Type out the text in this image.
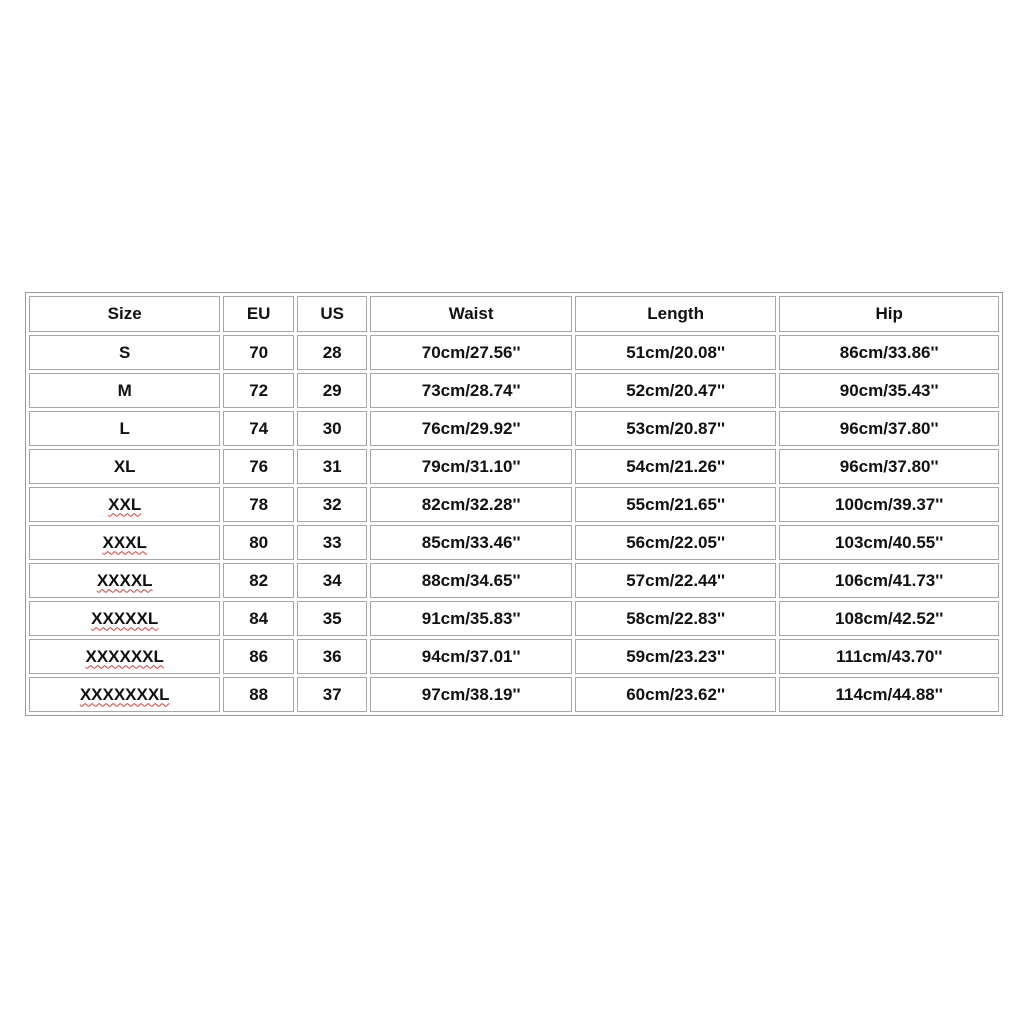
Size	EU	US	Waist	Length	Hip
S	70	28	70cm/27.56''	51cm/20.08''	86cm/33.86''
M	72	29	73cm/28.74''	52cm/20.47''	90cm/35.43''
L	74	30	76cm/29.92''	53cm/20.87''	96cm/37.80''
XL	76	31	79cm/31.10''	54cm/21.26''	96cm/37.80''
XXL	78	32	82cm/32.28''	55cm/21.65''	100cm/39.37''
XXXL	80	33	85cm/33.46''	56cm/22.05''	103cm/40.55''
XXXXL	82	34	88cm/34.65''	57cm/22.44''	106cm/41.73''
XXXXXL	84	35	91cm/35.83''	58cm/22.83''	108cm/42.52''
XXXXXXL	86	36	94cm/37.01''	59cm/23.23''	111cm/43.70''
XXXXXXXL	88	37	97cm/38.19''	60cm/23.62''	114cm/44.88''
